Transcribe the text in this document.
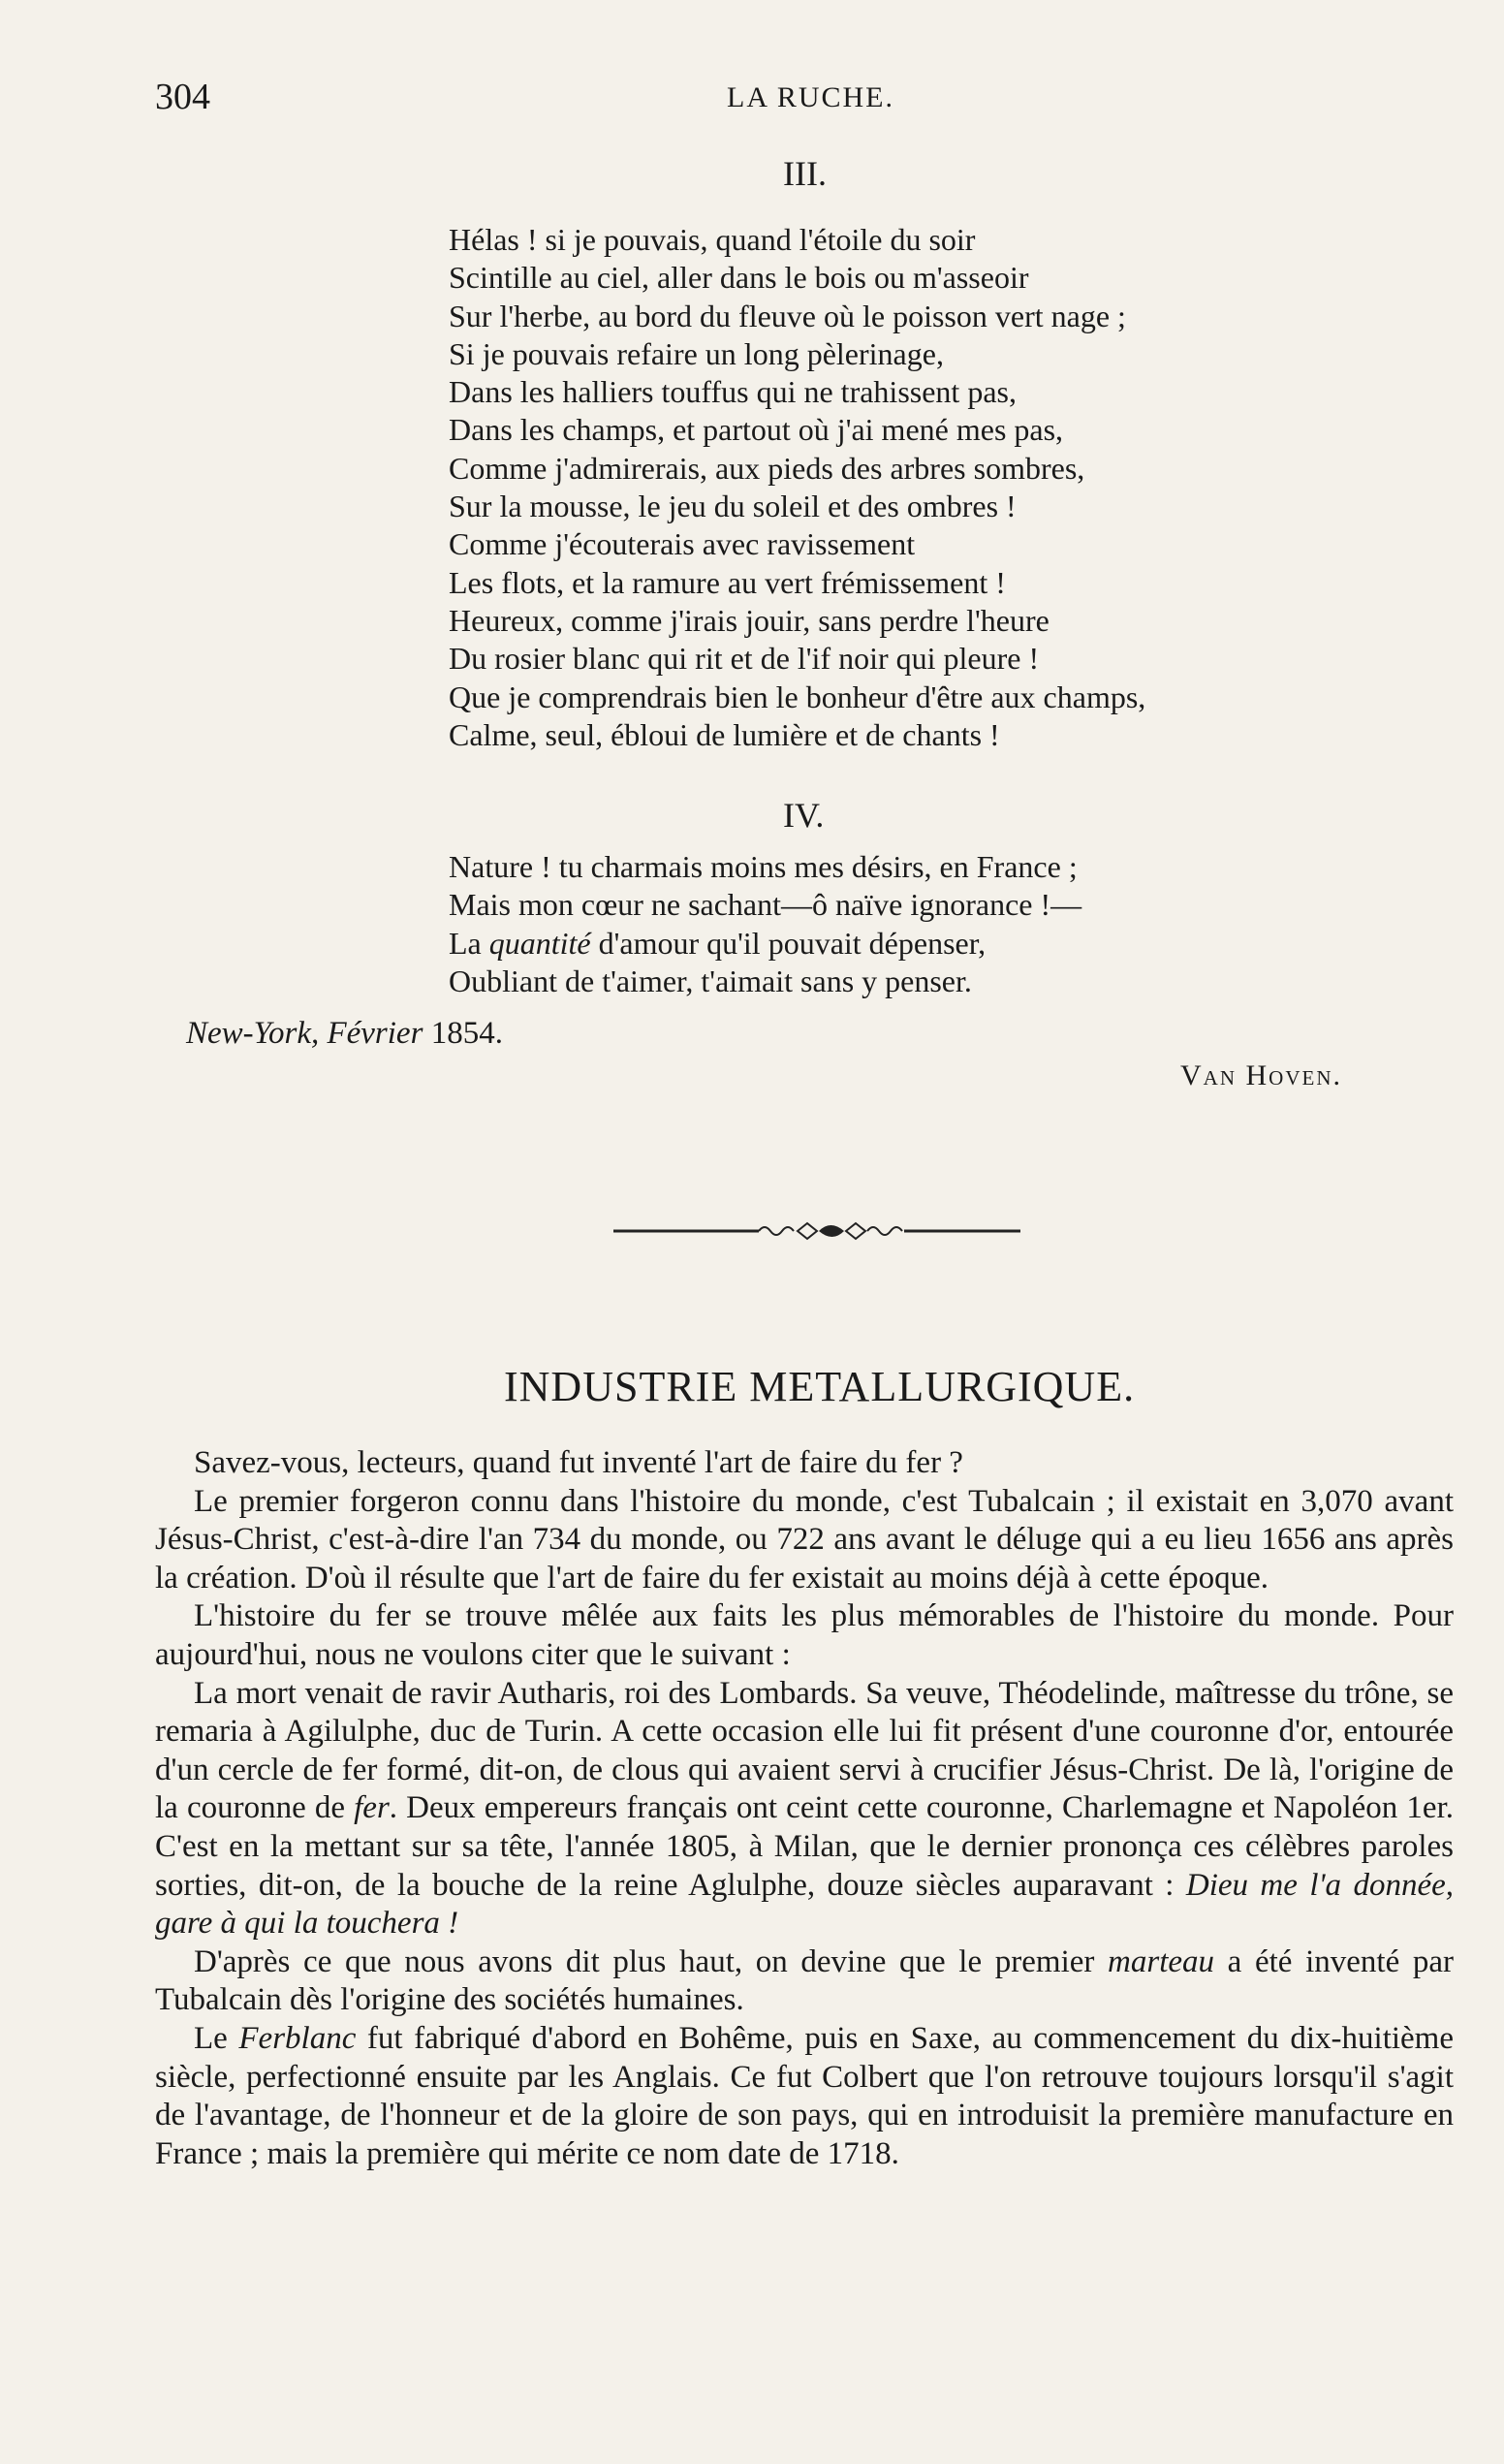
304	LA RUCHE.
III.
Hélas ! si je pouvais, quand l'étoile du soir
Scintille au ciel, aller dans le bois ou m'asseoir
Sur l'herbe, au bord du fleuve où le poisson vert nage ;
Si je pouvais refaire un long pèlerinage,
Dans les halliers touffus qui ne trahissent pas,
Dans les champs, et partout où j'ai mené mes pas,
Comme j'admirerais, aux pieds des arbres sombres,
Sur la mousse, le jeu du soleil et des ombres !
Comme j'écouterais avec ravissement
Les flots, et la ramure au vert frémissement !
Heureux, comme j'irais jouir, sans perdre l'heure
Du rosier blanc qui rit et de l'if noir qui pleure !
Que je comprendrais bien le bonheur d'être aux champs,
Calme, seul, ébloui de lumière et de chants !
IV.
Nature ! tu charmais moins mes désirs, en France ;
Mais mon cœur ne sachant—ô naïve ignorance !—
La quantité d'amour qu'il pouvait dépenser,
Oubliant de t'aimer, t'aimait sans y penser.
New-York, Février 1854.
Van Hoven.
INDUSTRIE METALLURGIQUE.

Savez-vous, lecteurs, quand fut inventé l'art de faire du fer ?

Le premier forgeron connu dans l'histoire du monde, c'est Tubalcain ; il existait en 3,070 avant Jésus-Christ, c'est-à-dire l'an 734 du monde, ou 722 ans avant le déluge qui a eu lieu 1656 ans après la création. D'où il résulte que l'art de faire du fer existait au moins déjà à cette époque.

L'histoire du fer se trouve mêlée aux faits les plus mémorables de l'histoire du monde. Pour aujourd'hui, nous ne voulons citer que le suivant :

La mort venait de ravir Autharis, roi des Lombards. Sa veuve, Théodelinde, maîtresse du trône, se remaria à Agilulphe, duc de Turin. A cette occasion elle lui fit présent d'une couronne d'or, entourée d'un cercle de fer formé, dit-on, de clous qui avaient servi à crucifier Jésus-Christ. De là, l'origine de la couronne de fer. Deux empereurs français ont ceint cette couronne, Charlemagne et Napoléon 1er. C'est en la mettant sur sa tête, l'année 1805, à Milan, que le dernier prononça ces célèbres paroles sorties, dit-on, de la bouche de la reine Aglulphe, douze siècles auparavant : Dieu me l'a donnée, gare à qui la touchera !

D'après ce que nous avons dit plus haut, on devine que le premier marteau a été inventé par Tubalcain dès l'origine des sociétés humaines.

Le Ferblanc fut fabriqué d'abord en Bohême, puis en Saxe, au commencement du dix-huitième siècle, perfectionné ensuite par les Anglais. Ce fut Colbert que l'on retrouve toujours lorsqu'il s'agit de l'avantage, de l'honneur et de la gloire de son pays, qui en introduisit la première manufacture en France ; mais la première qui mérite ce nom date de 1718.
